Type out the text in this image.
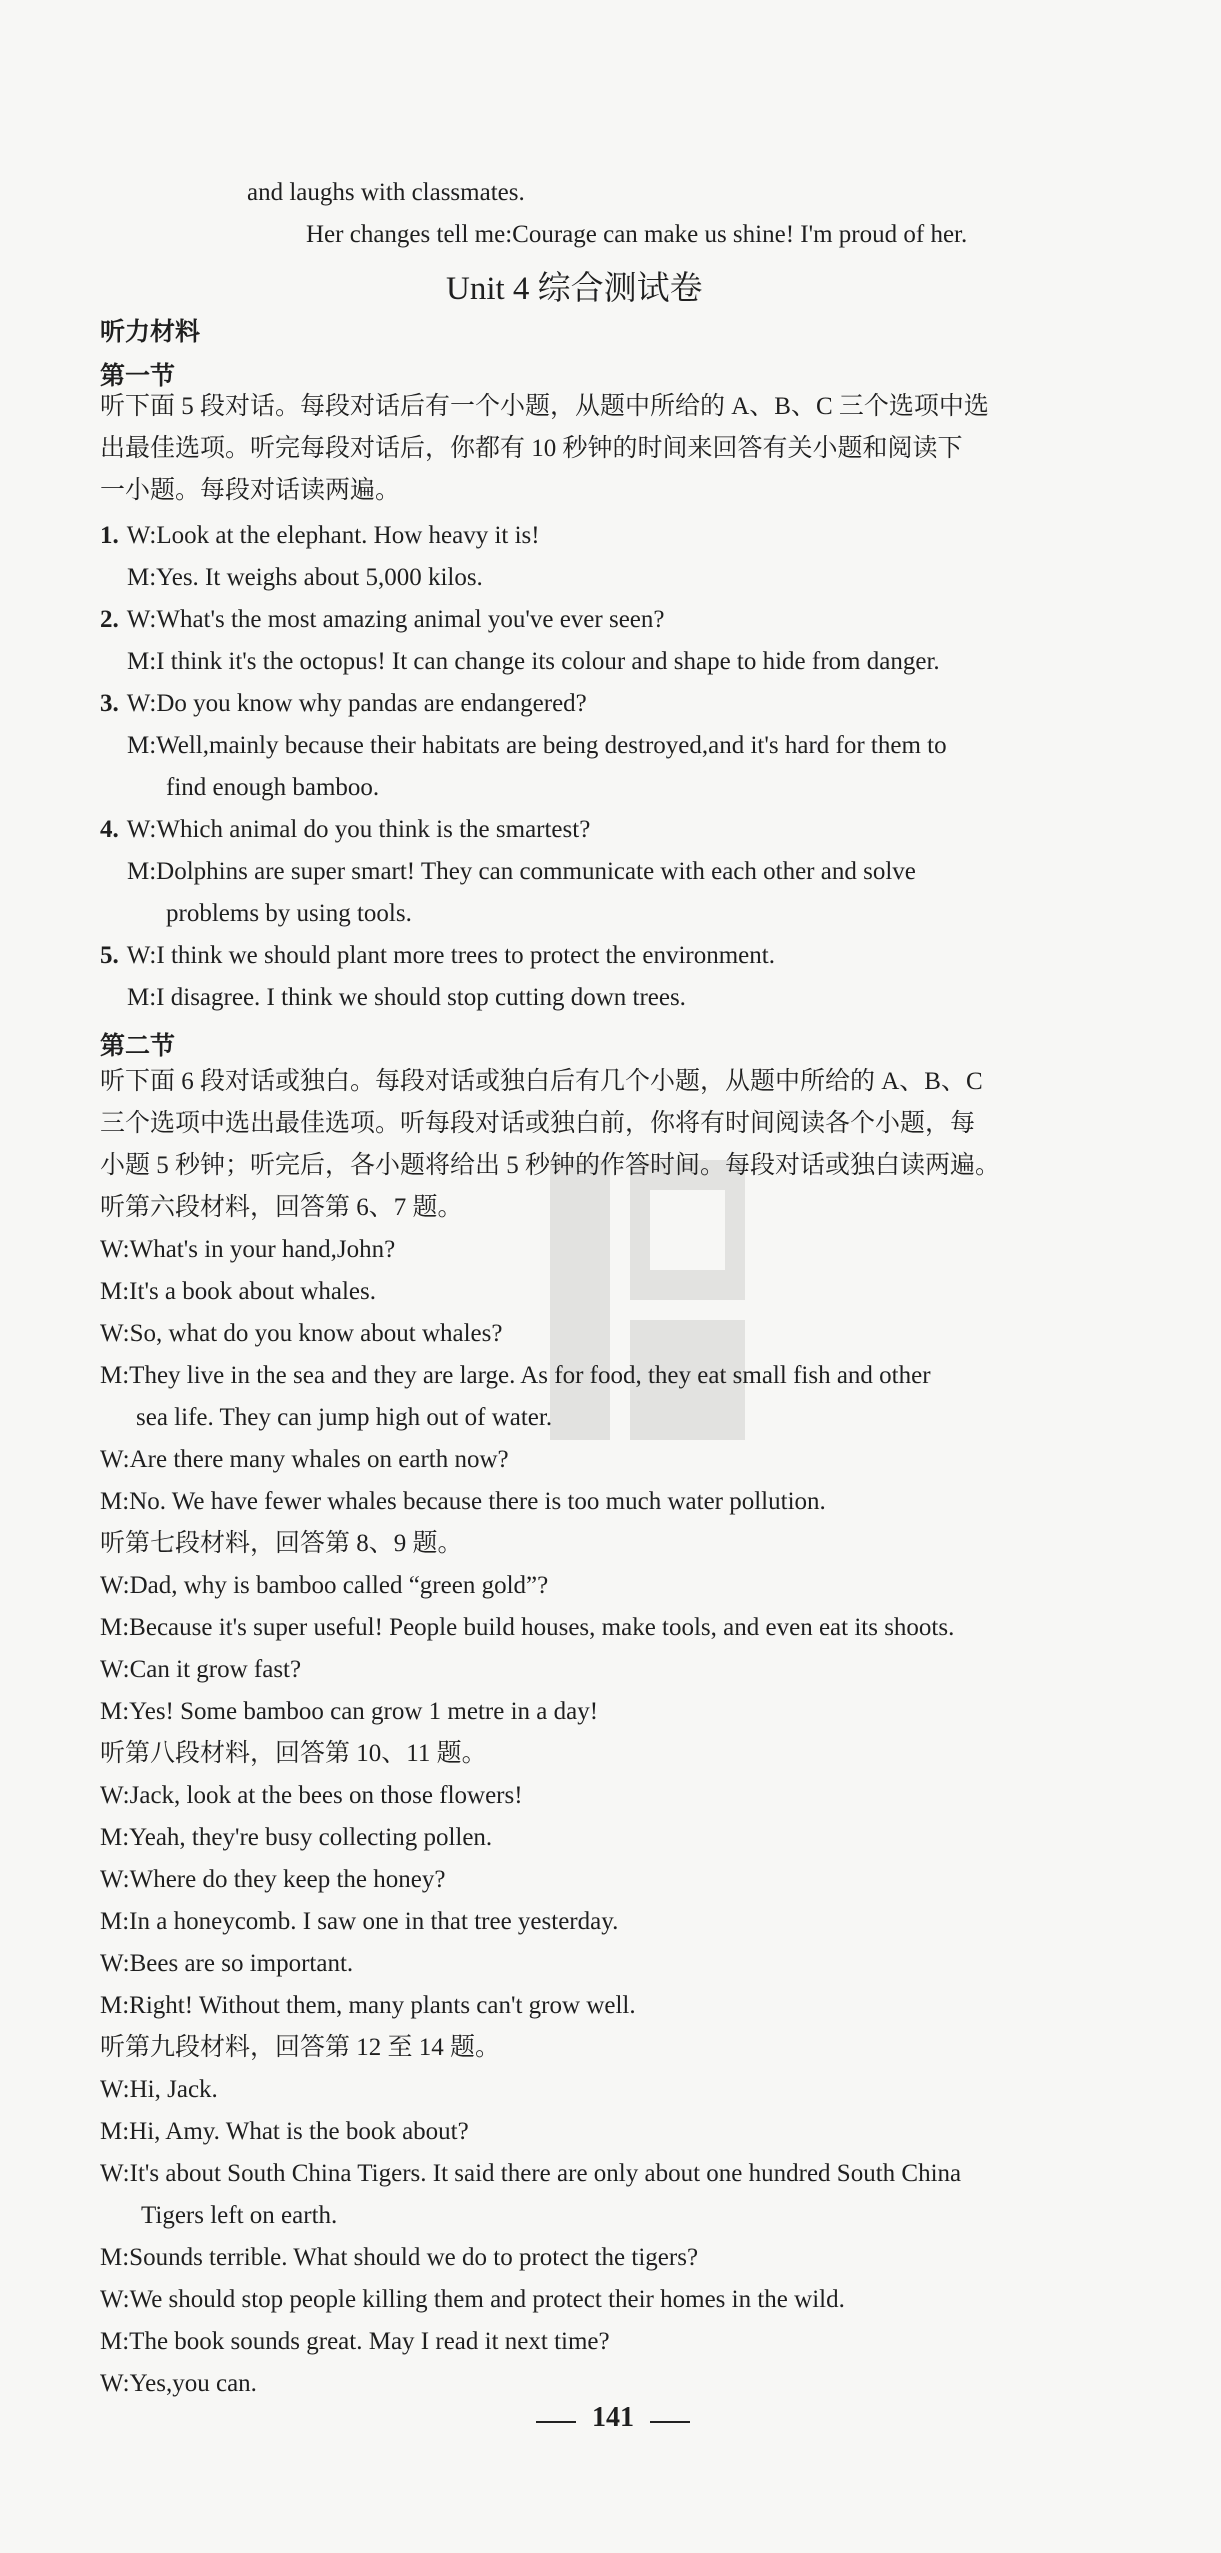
and laughs with classmates.
Her changes tell me:Courage can make us shine! I'm proud of her.
Unit 4 综合测试卷
听力材料
第一节
听下面 5 段对话。每段对话后有一个小题，从题中所给的 A、B、C 三个选项中选
出最佳选项。听完每段对话后，你都有 10 秒钟的时间来回答有关小题和阅读下
一小题。每段对话读两遍。
1. W:Look at the elephant. How heavy it is!
M:Yes. It weighs about 5,000 kilos.
2. W:What's the most amazing animal you've ever seen?
M:I think it's the octopus! It can change its colour and shape to hide from danger.
3. W:Do you know why pandas are endangered?
M:Well,mainly because their habitats are being destroyed,and it's hard for them to
find enough bamboo.
4. W:Which animal do you think is the smartest?
M:Dolphins are super smart! They can communicate with each other and solve
problems by using tools.
5. W:I think we should plant more trees to protect the environment.
M:I disagree. I think we should stop cutting down trees.
第二节
听下面 6 段对话或独白。每段对话或独白后有几个小题，从题中所给的 A、B、C
三个选项中选出最佳选项。听每段对话或独白前，你将有时间阅读各个小题，每
小题 5 秒钟；听完后，各小题将给出 5 秒钟的作答时间。每段对话或独白读两遍。
听第六段材料，回答第 6、7 题。
W:What's in your hand,John?
M:It's a book about whales.
W:So, what do you know about whales?
M:They live in the sea and they are large. As for food, they eat small fish and other
sea life. They can jump high out of water.
W:Are there many whales on earth now?
M:No. We have fewer whales because there is too much water pollution.
听第七段材料，回答第 8、9 题。
W:Dad, why is bamboo called “green gold”?
M:Because it's super useful! People build houses, make tools, and even eat its shoots.
W:Can it grow fast?
M:Yes! Some bamboo can grow 1 metre in a day!
听第八段材料，回答第 10、11 题。
W:Jack, look at the bees on those flowers!
M:Yeah, they're busy collecting pollen.
W:Where do they keep the honey?
M:In a honeycomb. I saw one in that tree yesterday.
W:Bees are so important.
M:Right! Without them, many plants can't grow well.
听第九段材料，回答第 12 至 14 题。
W:Hi, Jack.
M:Hi, Amy. What is the book about?
W:It's about South China Tigers. It said there are only about one hundred South China
Tigers left on earth.
M:Sounds terrible. What should we do to protect the tigers?
W:We should stop people killing them and protect their homes in the wild.
M:The book sounds great. May I read it next time?
W:Yes,you can.
141
